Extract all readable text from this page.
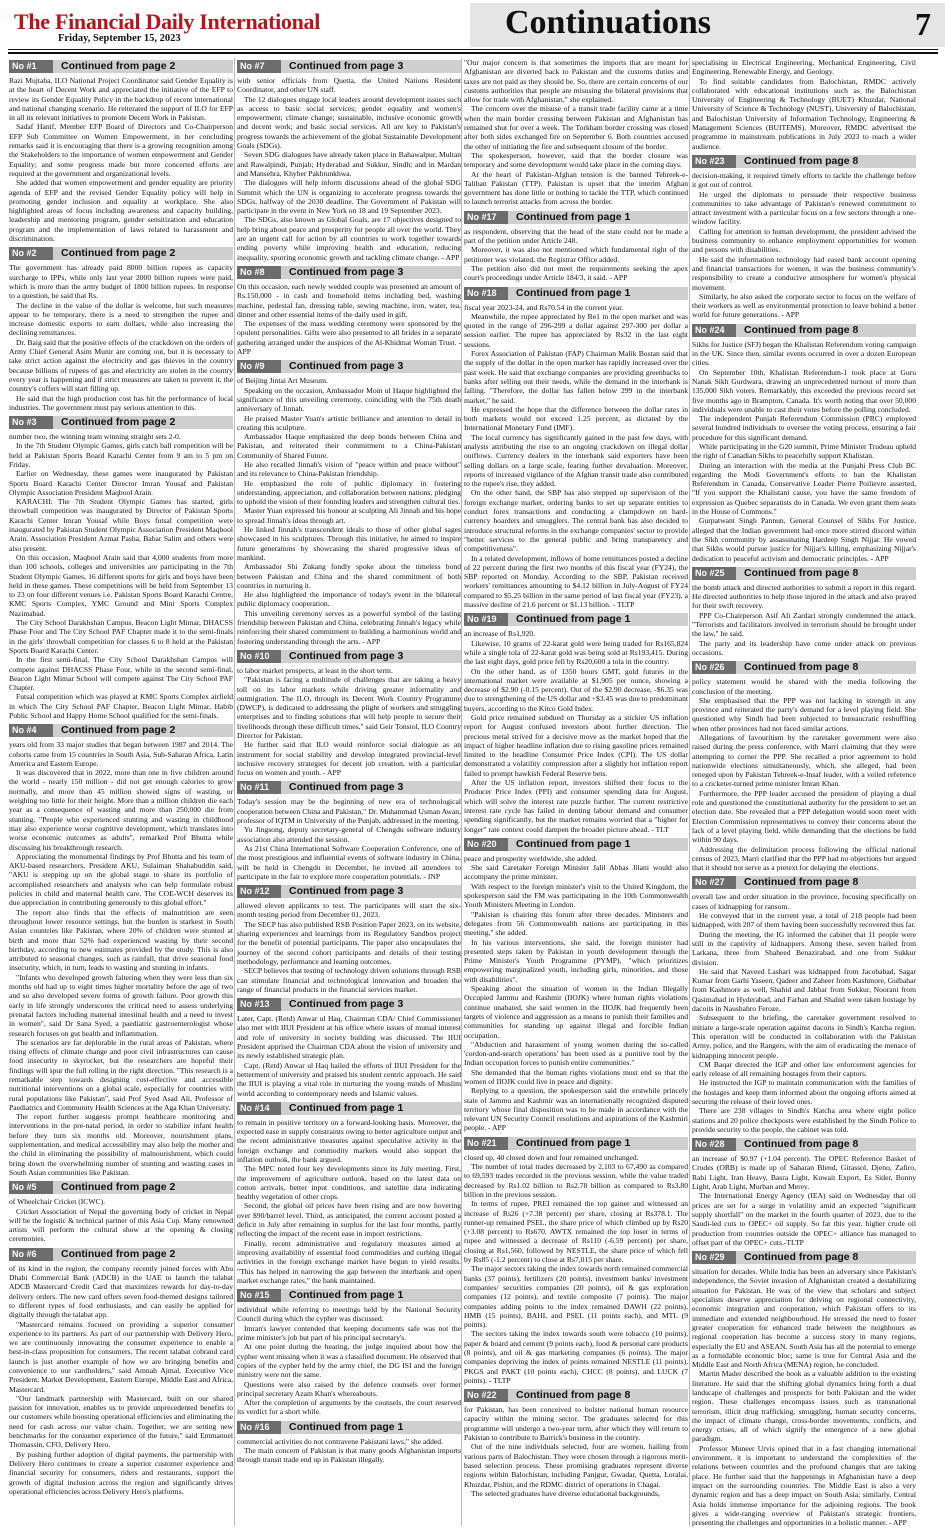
The Financial Daily International
Friday, September 15, 2023	Continuations	7
No #1	Continued from page 2

Razi Mujtaba, ILO National Project Coordinator said Gender Equality is at the heart of Decent Work and appreciated the initiative of the EFP to review its Gender Equality Policy in the backdrop of recent international and national changing scenario. He reiterated the support of ILO for EFP in all its relevant initiatives to promote Decent Work in Pakistan.

Sadaf Hanif, Member EFP Board of Directors and Co-Chairperson EFP Sub Committee on Women Empowerment, in her concluding remarks said it is encouraging that there is a growing recognition among the Stakeholders to the importance of women empowerment and Gender Equality; and some progress made but more concerted efforts are required at the government and organizational levels.

She added that women empowerment and gender equality are priority agenda of EFP and the revised Gender Equality policy will help in promoting gender inclusion and equality at workplace. She also highlighted areas of focus including awareness and capacity building, leadership and mentoring program, gender sensitization and education program and the implementation of laws related to harassment and discrimination.

No #2	Continued from page 2

The government has already paid 8000 billion rupees as capacity surcharge to IPPs, while only last year 2000 billion rupees were paid, which is more than the army budget of 1800 billion rupees. In response to a question, he said that Rs.

The decline in the value of the dollar is welcome, but such measures appear to be temporary, there is a need to strengthen the rupee and increase domestic exports to earn dollars, while also increasing the declining remittances.

Dr. Baig said that the positive effects of the crackdown on the orders of Army Chief General Asim Munir are coming out, but it is necessary to take strict action against the electricity and gas thieves in the country because billions of rupees of gas and electricity are stolen in the country every year is happening and if strict measures are taken to prevent it, the country's coffers will start filling up.

He said that the high production cost has hit the performance of local industries. The government must pay serious attention to this.

No #3	Continued from page 2

number two, the winning team winning straight sets 2-0.

In the 7th Student Olympic Games, girls catch ball competition will be held at Pakistan Sports Board Karachi Center from 9 am to 5 pm on Friday.

Earlier on Wednesday, these games were inaugurated by Pakistan Sports Board Karachi Center Director Imran Yousaf and Pakistan Olympic Association President Maqbool Arain.

KARACHI: The 7th Student Olympic Games has started, girls throwball competition was inaugurated by Director of Pakistan Sports Karachi Center Imran Yousaf while Boys futsal competition were inaugurated by Pakistan Student Olympic Association President Maqbool Arain. Association President Azmat Pasha, Babar Salim and others were also present.

On this occasion, Maqbool Arain said that 4,000 students from more than 100 schools, colleges and universities are participating in the 7th Student Olympic Games, 16 different sports for girls and boys have been held in these games. These competitions will be held from September 13 to 23 on four different venues i.e. Pakistan Sports Board Karachi Centre, KMC Sports Complex, YMC Ground and Mini Sports Complex Nazimabad.

The City School Darakhshan Campus, Beacon Light Mimar, DHACSS Phase Four and The City School PAF Chapter made it to the semi-finals in the girls' throwball competition for classes 6 to 8 held at the Pakistan Sports Board Karachi Center.

In the first semi-final, The City School Darakhshan Campus will compete against DHACSS Phase Four, while in the second semi-final, Beacon Light Mimar School will compete against The City School PAF Chapter.

Futsal competition which was played at KMC Sports Complex airfield in which The City School PAF Chapter, Beacon Light Mimar, Habib Public School and Happy Home School qualified for the semi-finals.

No #4	Continued from page 2

years old from 33 major studies that began between 1987 and 2014. The cohorts came from 15 countries in South Asia, Sub-Saharan Africa, Latin America and Eastern Europe.

It was discovered that in 2022, more than one in five children around the world - nearly 150 million - did not get enough calories to grow normally, and more than 45 million showed signs of wasting, or weighing too little for their height. More than a million children die each year as a consequence of wasting and more than 250,000 die from stunting. "People who experienced stunting and wasting in childhood may also experience worse cognitive development, which translates into worse economic outcomes as adults", remarked Prof Bhutta while discussing his breakthrough research.

Appreciating the monumental findings by Prof Bhutta and his team of AKU-based researchers, President AKU, Sulaiman Shahabuddin said, "AKU is stepping up on the global stage to share its portfolio of accomplished researchers and analysts who can help formulate robust policies in child and maternal health care. The COE-WCH deserves its due appreciation in contributing generously to this global effort."

The report also finds that the effects of malnutrition are seen throughout lower resource settings, but the burden is starkest in South Asian countries like Pakistan, where 20% of children were stunted at birth and more than 52% had experienced wasting by their second birthday, according to new estimates provided by the study. This is also attributed to seasonal changes, such as rainfall, that drive seasonal food insecurity, which, in turn, leads to wasting and stunting in infants.

"Infants who developed growth faltering when they were less than six months old had up to eight times higher mortality before the age of two and so also developed severe forms of growth failure. Poor growth this early in life strongly underscores the critical need to assess underlying prenatal factors including maternal intestinal health and a need to invest in women", said Dr Sana Syed, a paediatric gastroenterologist whose research focuses on gut health and inflammation.

The scenarios are far deplorable in the rural areas of Pakistan, where rising effects of climate change and poor civil infrastructures can cause food insecurity to skyrocket, but the researchers are hopeful their findings will spur the full rolling in the right direction. "This research is a remarkable step towards designing cost-effective and accessible nutritional interventions on a global scale, especially for countries with rural populations like Pakistan", said Prof Syed Asad Ali, Professor of Paediatrics and Community Health Sciences at the Aga Khan University.

The report further suggests prompt healthcare monitoring and interventions in the pre-natal period, in order to stabilize infant health before they turn six months old. Moreover, nourishment plans, supplementation, and medical accessibility may also help the mother and the child in eliminating the possibility of malnourishment, which could bring down the overwhelming number of stunting and wasting cases in South Asian communities like Pakistan.

No #5	Continued from page 2

of Wheelchair Cricket (ICWC).

Cricket Association of Nepal the governing body of cricket in Nepal will be the logistic & technical partner of this Asia Cup. Many renowned artists will perform the cultural show at the opening & closing ceremonies.

No #6	Continued from page 2

of its kind in the region, the company recently joined forces with Abu Dhabi Commercial Bank (ADCB) in the UAE to launch the talabat ADCB Mastercard Credit Card that maximizes rewards for day-to-day delivery orders. The new card offers seven food-themed designs tailored to different types of food enthusiasts, and can easily be applied for digitally through the talabat app.

"Mastercard remains focused on providing a superior consumer experience to its partners. As part of our partnership with Delivery Hero, we are continuously innovating the consumer experience to enable a best-in-class proposition for consumers. The recent talabat cobrand card launch is just another example of how we are bringing benefits and convenience to our cardholders," said Amnah Ajmal, Executive Vice President, Market Development, Eastern Europe, Middle East and Africa, Mastercard.

"Our landmark partnership with Mastercard, built on our shared passion for innovation, enables us to provide unprecedented benefits to our customers while boosting operational efficiencies and eliminating the need for cash across our value chain. Together, we are setting new benchmarks for the consumer experience of the future," said Emmanuel Thomassin, CFO, Delivery Hero.

By pushing further adoption of digital payments, the partnership with Delivery Hero continues to create a superior customer experience and financial security for consumers, riders and restaurants, support the growth of digital inclusion across the region and significantly drives operational efficiencies across Delivery Hero's platforms.

No #7	Continued from page 3

with senior officials from Quetta, the United Nations Resident Coordinator, and other UN staff.

The 12 dialogues engage local leaders around development issues such as access to basic social services; gender equality and women's empowerment; climate change; sustainable, inclusive economic growth and decent work; and basic social services. All are key to Pakistan's progress towards the achievement of the global Sustainable Development Goals (SDGs).

Seven SDG dialogues have already taken place in Bahawalpur, Multan and Rawalpindi, Punjab; Hyderabad and Sukkur, Sindh; and in Mardan and Mansehra, Khyber Pakhtunkhwa.

The dialogues will help inform discussions ahead of the global SDG Summit which the UN is organizing to accelerate progress towards the SDGs, halfway of the 2030 deadline. The Government of Pakistan will participate in the event in New York on 18 and 19 September 2023.

The SDGs, also known as Global Goals, are 17 objectives designed to help bring about peace and prosperity for people all over the world. They are an urgent call for action by all countries to work together towards ending poverty while improving health and education, reducing inequality, spurring economic growth and tackling climate change. - APP

No #8	Continued from page 3

On this occasion, each newly wedded couple was presented an amount of Rs.150,000 - in cash and household items including bed, washing machine, pedestal fan, dressing table, sewing machine, iron, water, tea, dinner and other essential items of the daily used in gift.

The expenses of the mass wedding ceremony were sponsored by the opulent personalities. Gifts were also presented to all brides in a separate gathering arranged under the auspices of the Al-Khidmat Woman Trust. - APP

No #9	Continued from page 3

of Beijing Jintai Art Museum.

Speaking on the occasion, Ambassador Moin ul Haque highlighted the significance of this unveiling ceremony, coinciding with the 75th death anniversary of Jinnah.

He praised Master Yuan's artistic brilliance and attention to detail in creating this sculpture.

Ambassador Haque emphasized the deep bonds between China and Pakistan, and reiterated their commitment to a China-Pakistan Community of Shared Future.

He also recalled Jinnah's vision of "peace within and peace without" and its relevance to China-Pakistan friendship.

He emphasized the role of public diplomacy in fostering understanding, appreciation, and collaboration between nations, pledging to uphold the vision of their founding leaders and strengthen cultural ties.

Master Yuan expressed his honour at sculpting Ali Jinnah and his hope to spread Jinnah's ideas through art.

He linked Jinnah's transcendent ideals to those of other global sages showcased in his sculptures. Through this initiative, he aimed to inspire future generations by showcasing the shared progressive ideas of mankind.

Ambassador Shi Zukang fondly spoke about the timeless bond between Pakistan and China and the shared commitment of both countries in nurturing it.

He also highlighted the importance of today's event in the bilateral public diplomacy cooperation.

This unveiling ceremony serves as a powerful symbol of the lasting friendship between Pakistan and China, celebrating Jinnah's legacy while reinforcing their shared commitment to building a harmonious world and fostering understanding through the arts. - APP

No #10	Continued from page 3

to labor market prospects, at least in the short term.

"Pakistan is facing a multitude of challenges that are taking a heavy toll on its labor markets while driving greater informality and outmigration. The ILO, through its Decent Work Country Programme (DWCP), is dedicated to addressing the plight of workers and struggling enterprises and to finding solutions that will help people to secure their livelihoods through these difficult times," said Geir Tonstol, ILO Country Director for Pakistan.

He further said that ILO would reinforce social dialogue as an instrument for social stability and develop integrated provincial-level inclusive recovery strategies for decent job creation, with a particular focus on women and youth. - APP

No #11	Continued from page 3

Today's session may be the beginning of new era of technological cooperation between China and Pakistan," Dr. Muhammad Usman Awan, professor of IQTM in University of the Punjab, addressed in the meeting.

Yu Jingsong, deputy secretary-general of Chengdu software industry association also attended the session.

As 21st China International Software Cooperation Conference, one of the most prestigious and influential events of software industry in China, will be held in Chengdu in December, he invited all attendees to participate in the fair to explore more cooperation potentials. - INP

No #12	Continued from page 3

allowed eleven applicants to test. The participants will start the six-month testing period from December 01, 2023.

The SECP has also published RSB Position Paper 2023, on its website, sharing experiences and learnings from its Regulatory Sandbox project for the benefit of potential participants. The paper also encapsulates the journey of the second cohort participants and details of their testing methodology, performance and learning outcomes.

SECP believes that testing of technology driven solutions through RSB can stimulate financial and technological innovation and broaden the range of financial products in the financial services market.

No #13	Continued from page 3

Later, Capt. (Retd) Anwar ul Haq, Chairman CDA/ Chief Commissioner also met with IIUI President at his office where issues of mutual interest and role of university in society building was discussed. The IIUI President apprised the Chairman CDA about the vision of university and its newly established strategic plan.

Capt. (Retd) Anwar ul Haq hailed the efforts of IIUI President for the betterment of university and praised his student centric approach. He said the IIUI is playing a vital role in nurturing the young minds of Muslim world according to contemporary needs and Islamic values.

No #14	Continued from page 1

to remain in positive territory on a forward-looking basis. Moreover, the expected ease in supply constraints owing to better agriculture output and the recent administrative measures against speculative activity in the foreign exchange and commodity markets would also support the inflation outlook, the bank argued.

The MPC noted four key developments since its July meeting. First, the improvement of agriculture outlook, based on the latest data on cotton arrivals, better input conditions, and satellite data indicating healthy vegetation of other crops.

Second, the global oil prices have been rising and are now hovering over $90/barrel level. Third, as anticipated, the current account posted a deficit in July after remaining in surplus for the last four months, partly reflecting the impact of the recent ease in import restrictions.

Finally, recent administrative and regulatory measures aimed at improving availability of essential food commodities and curbing illegal activities in the foreign exchange market have begun to yield results. "This has helped in narrowing the gap between the interbank and open market exchange rates," the bank maintained.

No #15	Continued from page 1

individual while referring to meetings held by the National Security Council during which the cypher was discussed.

Imran's lawyer contended that keeping documents safe was not the prime minister's job but part of his principal secretary's.

At one point during the hearing, the judge inquired about how the cypher went missing when it was a classified document. He observed that copies of the cypher held by the army chief, the DG ISI and the foreign ministry were not the same.

Questions were also raised by the defence counsels over former principal secretary Azam Khan's whereabouts.

After the completion of arguments by the counsels, the court reserved its verdict for a short while.

No #16	Continued from page 1

commercial activities do not contravene Pakistani laws," she added.

The main concern of Pakistan is that many goods Afghanistan imports through transit trade end up in Pakistan illegally.

"Our major concern is that sometimes the imports that are meant for Afghanistan are diverted back to Pakistan and the customs duties and taxes are not paid as they should be. So, there are certain concerns of our customs authorities that people are misusing the bilateral provisions that allow for trade with Afghanistan," she explained.

The concern over the misuse of a transit trade facility came at a time when the main border crossing between Pakistan and Afghanistan has remained shut for over a week. The Torkham border crossing was closed after both sides exchanged fire on September 6. Both countries accused the other of initiating the fire and subsequent closure of the border.

The spokesperson, however, said that the border closure was temporary and some development would take place in the coming days.

At the heart of Pakistan-Afghan tension is the banned Tehreek-e-Taliban Pakistan (TTP). Pakistan is upset that the interim Afghan government has done little or nothing to tackle the TTP, which continued to launch terrorist attacks from across the border.

No #17	Continued from page 1

as respondent, observing that the head of the state could not be made a part of the petition under Article 248.

Moreover, it was also not mentioned which fundamental right of the petitioner was violated, the Registrar Office added.

The petition also did not meet the requirements seeking the apex court's proceedings under Article 184/3, it said. - APP

No #18	Continued from page 1

fiscal year 2023-24, and Rs70.54 in the current year.

Meanwhile, the rupee appreciated by Re1 in the open market and was quoted in the range of 296-299 a dollar against 297-300 per dollar a session earlier. The rupee has appreciated by Rs32 in the last eight sessions.

Forex Association of Pakistan (FAP) Chairman Malik Bostan said that the supply of the dollar in the open market has rapidly increased over the past week. He said that exchange companies are providing greenbacks to banks after selling out their needs, while the demand in the interbank is falling. "Therefore, the dollar has fallen below 299 in the interbank market," he said.

He expressed the hope that the difference between the dollar rates in both markets would not exceed 1.25 percent, as dictated by the International Monetary Fund (IMF).

The local currency has significantly gained in the past few days, with analysts attributing the rise to an ongoing crackdown on illegal dollar outflows. Currency dealers in the interbank said exporters have been selling dollars on a large scale, fearing further devaluation. Moreover, reports of increased vigilance of the Afghan transit trade also contributed to the rupee's rise, they added.

On the other hand, the SBP has also stepped up supervision of the foreign exchange market, ordering banks to set up separate entities to conduct forex transactions and conducting a clampdown on hard-currency hoarders and smugglers. The central bank has also decided to introduce structural reforms in the exchange companies' sector to provide "better services to the general public and bring transparency and competitiveness".

In a related development, inflows of home remittances posted a decline of 22 percent during the first two months of this fiscal year (FY24), the SBP reported on Monday. According to the SBP, Pakistan received workers' remittances amounting to $4.12 billion in July-August of FY24 compared to $5.25 billion in the same period of last fiscal year (FY23), a massive decline of 21.6 percent or $1.13 billion. - TLTP

No #19	Continued from page 1

an increase of Rs1,920.

Likewise, 10 grams of 22-karat gold were being traded for Rs165,824 while a single tola of 22-karat gold was being sold at Rs193,415. During the last eight days, gold price fell by Rs20,600 a tola in the country.

On the other hand, as of 1350 hours GMT, gold futures in the international market were available at $1,905 per ounce, showing a decrease of $2.90 (-0.15 percent). Out of the $2.90 decrease, -$6.35 was due to strengthening of the US dollar and +$3.45 was due to predominant buyers, according to the Kitco Gold Index.

Gold price remained subdued on Thursday as a stickier US inflation report for August confused investors about further direction. The precious metal strived for a decisive move as the market hoped that the impact of higher headline inflation due to rising gasoline prices remained limited to the headline Consumer Price Index (CPI). The US dollar demonstrated a volatility compression after a slightly hot inflation report failed to prompt hawkish Federal Reserve bets.

After the US inflation report, investors shifted their focus to the Producer Price Index (PPI) and consumer spending data for August, which will solve the interest rate puzzle further. The current restrictive interest rate cycle has failed in denting labour demand and consumer spending significantly, but the market remains worried that a "higher for longer" rate context could dampen the broader picture ahead. - TLT

No #20	Continued from page 1

peace and prosperity worldwide, she added.

She said Caretaker Foreign Minister Jalil Abbas Jilani would also accompany the prime minister.

With respect to the foreign minister's visit to the United Kingdom, the spokesperson said the FM was participating in the 10th Commonwealth Youth Ministers Meeting in London.

"Pakistan is chairing this forum after three decades. Ministers and delegates from 56 Commonwealth nations are participating in this meeting," she added.

In his various interventions, she said, the foreign minister had presented steps taken by Pakistan in youth development through the Prime Minister's Youth Programme (PYMP), "which prioritizes empowering marginalized youth, including girls, minorities, and those with disabilities".

Speaking about the situation of women in the Indian Illegally Occupied Jammu and Kashmir (IIOJK) where human rights violations continue unabated, she said women in the IIOJK had frequently been targets of violence and aggression as a means to punish their families and communities for standing up against illegal and forcible Indian occupation.

"Abduction and harassment of young women during the so-called 'cordon-and-search operations' has been used as a punitive tool by the Indian occupation forces to punish entire communities."

She demanded that the human rights violations must end so that the women of IIOJK could live in peace and dignity.

Replying to a question, the spokesperson said the erstwhile princely state of Jammu and Kashmir was an internationally recognized disputed territory whose final disposition was to be made in accordance with the relevant UN Security Council resolutions and aspirations of the Kashmiri people. - APP

No #21	Continued from page 1

closed up, 40 closed down and four remained unchanged.

The number of total trades decreased by 2,103 to 67,490 as compared to 69,593 trades recorded in the previous session, while the value traded decreased by Rs1.02 billion to Rs2.78 billion as compared to Rs3.80 billion in the previous session.

In terms of rupee, PREI remained the top gainer and witnessed an increase of Rs26 (+7.38 percent) per share, closing at Rs378.1. The runner-up remained PSEL, the share price of which climbed up by Rs20 (+3.08 percent) to Rs670. AWTX remained the top loser in terms of rupee and witnessed a decrease of Rs110 (-6.59 percent) per share, closing at Rs1,560, followed by NESTLE, the share price of which fell by Rs85 (-1.2 percent) to close at Rs7,015 per share.

The major sectors taking the index towards north remained commercial banks (37 points), fertilizers (20 points), investment banks/ investment companies/ securities companies (20 points), oil & gas exploration companies (12 points), and textile composite (7 points). The major companies adding points to the index remained DAWH (22 points), HMB (15 points), BAHL and PSEL (11 points each), and MTL (9 points).

The sectors taking the index towards south were tobacco (10 points), paper & board and cement (9 points each), food & personal care products (8 points), and oil & gas marketing companies (6 points). The major companies depriving the index of points remained NESTLE (11 points), PKGS and PAKT (10 points each), CHCC (8 points), and LUCK (7 points). - TLTP

No #22	Continued from page 8

for Pakistan, has been conceived to bolster national human resource capacity within the mining sector. The graduates selected for this programme will undergo a two-year term, after which they will return to Pakistan to contribute to Barrick's business in the country.

Out of the nine individuals selected, four are women, hailing from various parts of Balochistan. They were chosen through a rigorous merit-based selection process. These promising graduates represent diverse regions within Balochistan, including Panjgur, Gwadar, Quetta, Loralai, Khuzdar, Pishin, and the RDMC district of operations in Chagai.

The selected graduates have diverse educational backgrounds,

specialising in Electrical Engineering, Mechanical Engineering, Civil Engineering, Renewable Energy, and Geology.

To find suitable candidates from Balochistan, RMDC actively collaborated with educational institutions such as the Balochistan University of Engineering & Technology (BUET) Khuzdar, National University of Science & Technology (NUST), University of Balochistan, and Balochistan University of Information Technology, Engineering & Management Sciences (BUITEMS). Moreover, RMDC advertised the programme in mainstream publications in July 2023 to reach a wider audience.

No #23	Continued from page 8

decision-making, it required timely efforts to tackle the challenge before it got out of control.

He urged the diplomats to persuade their respective business communities to take advantage of Pakistan's renewed commitment to attract investment with a particular focus on a few sectors through a one-window facility.

Calling for attention to human development, the president advised the business community to enhance employment opportunities for women and persons with disabilities.

He said the information technology had eased bank account opening and financial transactions for women, it was the business community's responsibility to create a conducive atmosphere for women's physical movement.

Similarly, he also asked the corporate sector to focus on the welfare of their workers as well as environmental protection to leave behind a better world for future generations. - APP

No #24	Continued from page 8

Sikhs for Justice (SFJ) began the Khalistan Referendum voting campaign in the UK. Since then, similar events occurred in over a dozen European cities.

On September 10th, Khalistan Referendum-1 took place at Guru Nanak Sikh Gurdwara, drawing an unprecedented turnout of more than 135,000 Sikh voters. Remarkably, this exceeded the previous record set five months ago in Brampton, Canada. It's worth noting that over 50,000 individuals were unable to cast their votes before the polling concluded.

The independent Punjab Referendum Commission (PRC) employed several hundred individuals to oversee the voting process, ensuring a fair procedure for this significant demand.

While participating in the G20 summit, Prime Minister Trudeau upheld the right of Canadian Sikhs to peacefully support Khalistan.

During an interaction with the media at the Punjabi Press Club BC regarding the Modi Government's efforts to ban the Khalistan Referendum in Canada, Conservative Leader Pierre Poilievre asserted, "If you support the Khalistani cause, you have the same freedom of expression as Quebec separatists do in Canada. We even grant them seats in the House of Commons."

Gurpatwant Singh Pannun, General Counsel of Sikhs For Justice, alleged that the Indian government had once more stirred discord within the Sikh community by assassinating Hardeep Singh Nijjar. He vowed that Sikhs would pursue justice for Nijjar's killing, emphasizing Nijjar's dedication to peaceful activism and democratic principles. - APP

No #25	Continued from page 8

the bomb attack and directed authorities to submit a report in this regard. He directed authorities to help those injured in the attack and also prayed for their swift recovery.

PPP Co-Chairperson Asif Ali Zardari strongly condemned the attack. "Terrorists and facilitators involved in terrorism should be brought under the law," he said.

The party and its leadership have come under attack on previous occasions.

No #26	Continued from page 8

policy statement would be shared with the media following the conclusion of the meeting.

She emphasised that the PPP was not lacking in strength in any province and reiterated the party's demand for a level playing field. She questioned why Sindh had been subjected to bureaucratic reshuffling when other provinces had not faced similar actions.

Allegations of favouritism by the caretaker government were also raised during the press conference, with Marri claiming that they were attempting to corner the PPP. She recalled a prior agreement to hold nationwide elections simultaneously, which, she alleged, had been reneged upon by Pakistan Tehreek-e-Insaf leader, with a veiled reference to a cricketer-turned prime minister Imran Khan.

Furthermore, the PPP leader accused the president of playing a dual role and questioned the constitutional authority for the president to set an election date. She revealed that a PPP delegation would soon meet with Election Commission representatives to convey their concerns about the lack of a level playing field, while demanding that the elections be held within 90 days.

Addressing the delimitation process following the official national census of 2023, Marri clarified that the PPP had no objections but argued that it should not serve as a pretext for delaying the elections.

No #27	Continued from page 8

overall law and order situation in the province, focusing specifically on cases of kidnapping for ransom.

He conveyed that in the current year, a total of 218 people had been kidnapped, with 207 of them having been successfully recovered thus far.

During the meeting, the IG informed the cabinet that 11 people were still in the captivity of kidnappers. Among these, seven hailed from Larkana, three from Shaheed Benazirabad, and one from Sukkur division.

He said that Naveed Lashari was kidnapped from Jacobabad, Sagar Kumar from Garhi Yaseen, Qadeer and Zaheer from Kashmore, Gulbahar from Kashmore as well, Shahid and Jabbar from Sukkur, Noorani from Qasimabad in Hyderabad, and Farhan and Shahid were taken hostage by dacoits in Naushahro Feroze.

Subsequent to the briefing, the caretaker government resolved to initiate a large-scale operation against dacoits in Sindh's Katcha region. This operation will be conducted in collaboration with the Pakistan Army, police, and the Rangers, with the aim of eradicating the menace of kidnapping innocent people.

CM Baqar directed the IGP and other law enforcement agencies for early release of all remaining hostages from their captors.

He instructed the IGP to maintain communication with the families of the hostages and keep them informed about the ongoing efforts aimed at securing the release of their loved ones.

There are 238 villages in Sindh's Katcha area where eight police stations and 20 police checkposts were established by the Sindh Police to provide security to the people, the cabinet was told.

No #28	Continued from page 8

an increase of $0.97 (+1.04 percent). The OPEC Reference Basket of Crudes (ORB) is made up of Saharan Blend, Girassol, Djeno, Zafiro, Rabi Light, Iran Heavy, Basra Light, Kuwait Export, Es Sider, Bonny Light, Arab Light, Murban and Merey.

The International Energy Agency (IEA) said on Wednesday that oil prices are set for a surge in volatility amid an expected "significant supply shortfall" on the market in the fourth quarter of 2023, due to the Saudi-led cuts to OPEC+ oil supply. So far this year, higher crude oil production from countries outside the OPEC+ alliance has managed to offset part of the OPEC+ cuts.-TLTP

No #29	Continued from page 8

situation for decades. While India has been an adversary since Pakistan's independence, the Soviet invasion of Afghanistan created a destabilizing situation for Pakistan. He was of the view that scholars and subject specialists deserve appreciation for delving on regional connectivity, economic integration and cooperation, which Pakistan offers to its immediate and extended neighbourhood. He stressed the need to foster greater cooperation for enhanced trade between the neighbours as regional cooperation has become a success story in many regions, especially the EU and ASEAN. South Asia has all the potential to emerge as a formidable economic bloc; same is true for Central Asia and the Middle East and North Africa (MENA) region, he concluded.

Martin Mader described the book as a valuable addition to the existing literature. He said that the shifting global dynamics bring forth a dual landscape of challenges and prospects for both Pakistan and the wider region. These challenges encompass issues such as transnational terrorism, illicit drug trafficking, smuggling, human security concerns, the impact of climate change, cross-border movements, conflicts, and energy crises, all of which signify the emergence of a new global paradigm.

Professor Muneer Urvis opined that in a fast changing international environment, it is important to understand the complexities of the relations between countries and the profound changes that are taking place. He further said that the happenings in Afghanistan have a deep impact on the surrounding countries. The Middle East is also a very dynamic region and has a deep impact on South Asia; similarly, Central Asia holds immense importance for the adjoining regions. The book gives a wide-ranging overview of Pakistan's strategic frontiers, presenting the challenges and opportunities in a holistic manner. - APP
